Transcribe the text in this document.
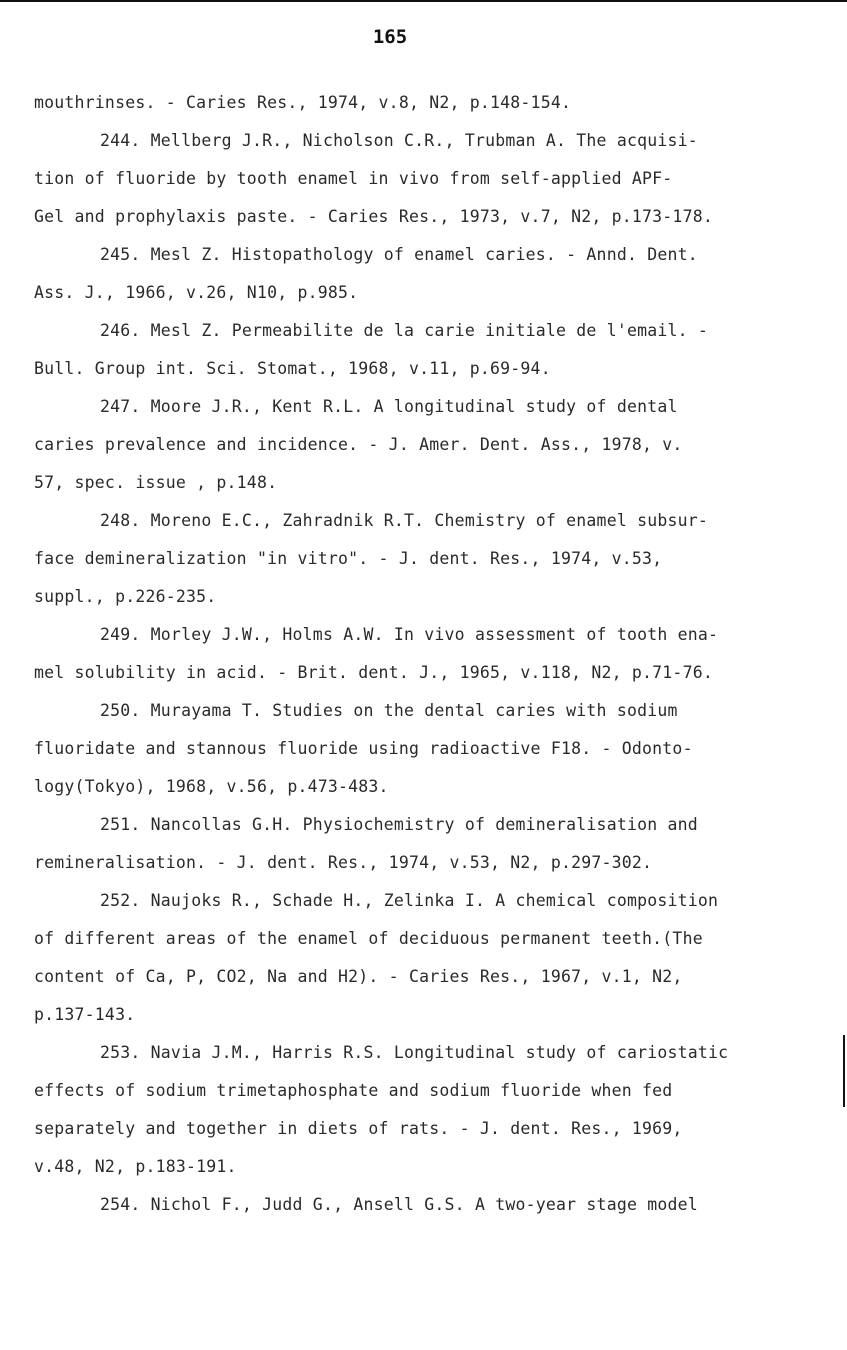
165
mouthrinses. - Caries Res., 1974, v.8, N2, p.148-154.
244. Mellberg J.R., Nicholson C.R., Trubman A. The acquisi-
tion of fluoride by tooth enamel in vivo from self-applied APF-
Gel and prophylaxis paste. - Caries Res., 1973, v.7, N2, p.173-178.
245. Mesl Z. Histopathology of enamel caries. - Annd. Dent.
Ass. J., 1966, v.26, N10, p.985.
246. Mesl Z. Permeabilite de la carie initiale de l'email. -
Bull. Group int. Sci. Stomat., 1968, v.11, p.69-94.
247. Moore J.R., Kent R.L. A longitudinal study of dental
caries prevalence and incidence. - J. Amer. Dent. Ass., 1978, v.
57, spec. issue , p.148.
248. Moreno E.C., Zahradnik R.T. Chemistry of enamel subsur-
face demineralization "in vitro". - J. dent. Res., 1974, v.53,
suppl., p.226-235.
249. Morley J.W., Holms A.W. In vivo assessment of tooth ena-
mel solubility in acid. - Brit. dent. J., 1965, v.118, N2, p.71-76.
250. Murayama T. Studies on the dental caries with sodium
fluoridate and stannous fluoride using radioactive F18. - Odonto-
logy(Tokyo), 1968, v.56, p.473-483.
251. Nancollas G.H. Physiochemistry of demineralisation and
remineralisation. - J. dent. Res., 1974, v.53, N2, p.297-302.
252. Naujoks R., Schade H., Zelinka I. A chemical composition
of different areas of the enamel of deciduous permanent teeth.(The
content of Ca, P, CO2, Na and H2). - Caries Res., 1967, v.1, N2,
p.137-143.
253. Navia J.M., Harris R.S. Longitudinal study of cariostatic
effects of sodium trimetaphosphate and sodium fluoride when fed
separately and together in diets of rats. - J. dent. Res., 1969,
v.48, N2, p.183-191.
254. Nichol F., Judd G., Ansell G.S. A two-year stage model
